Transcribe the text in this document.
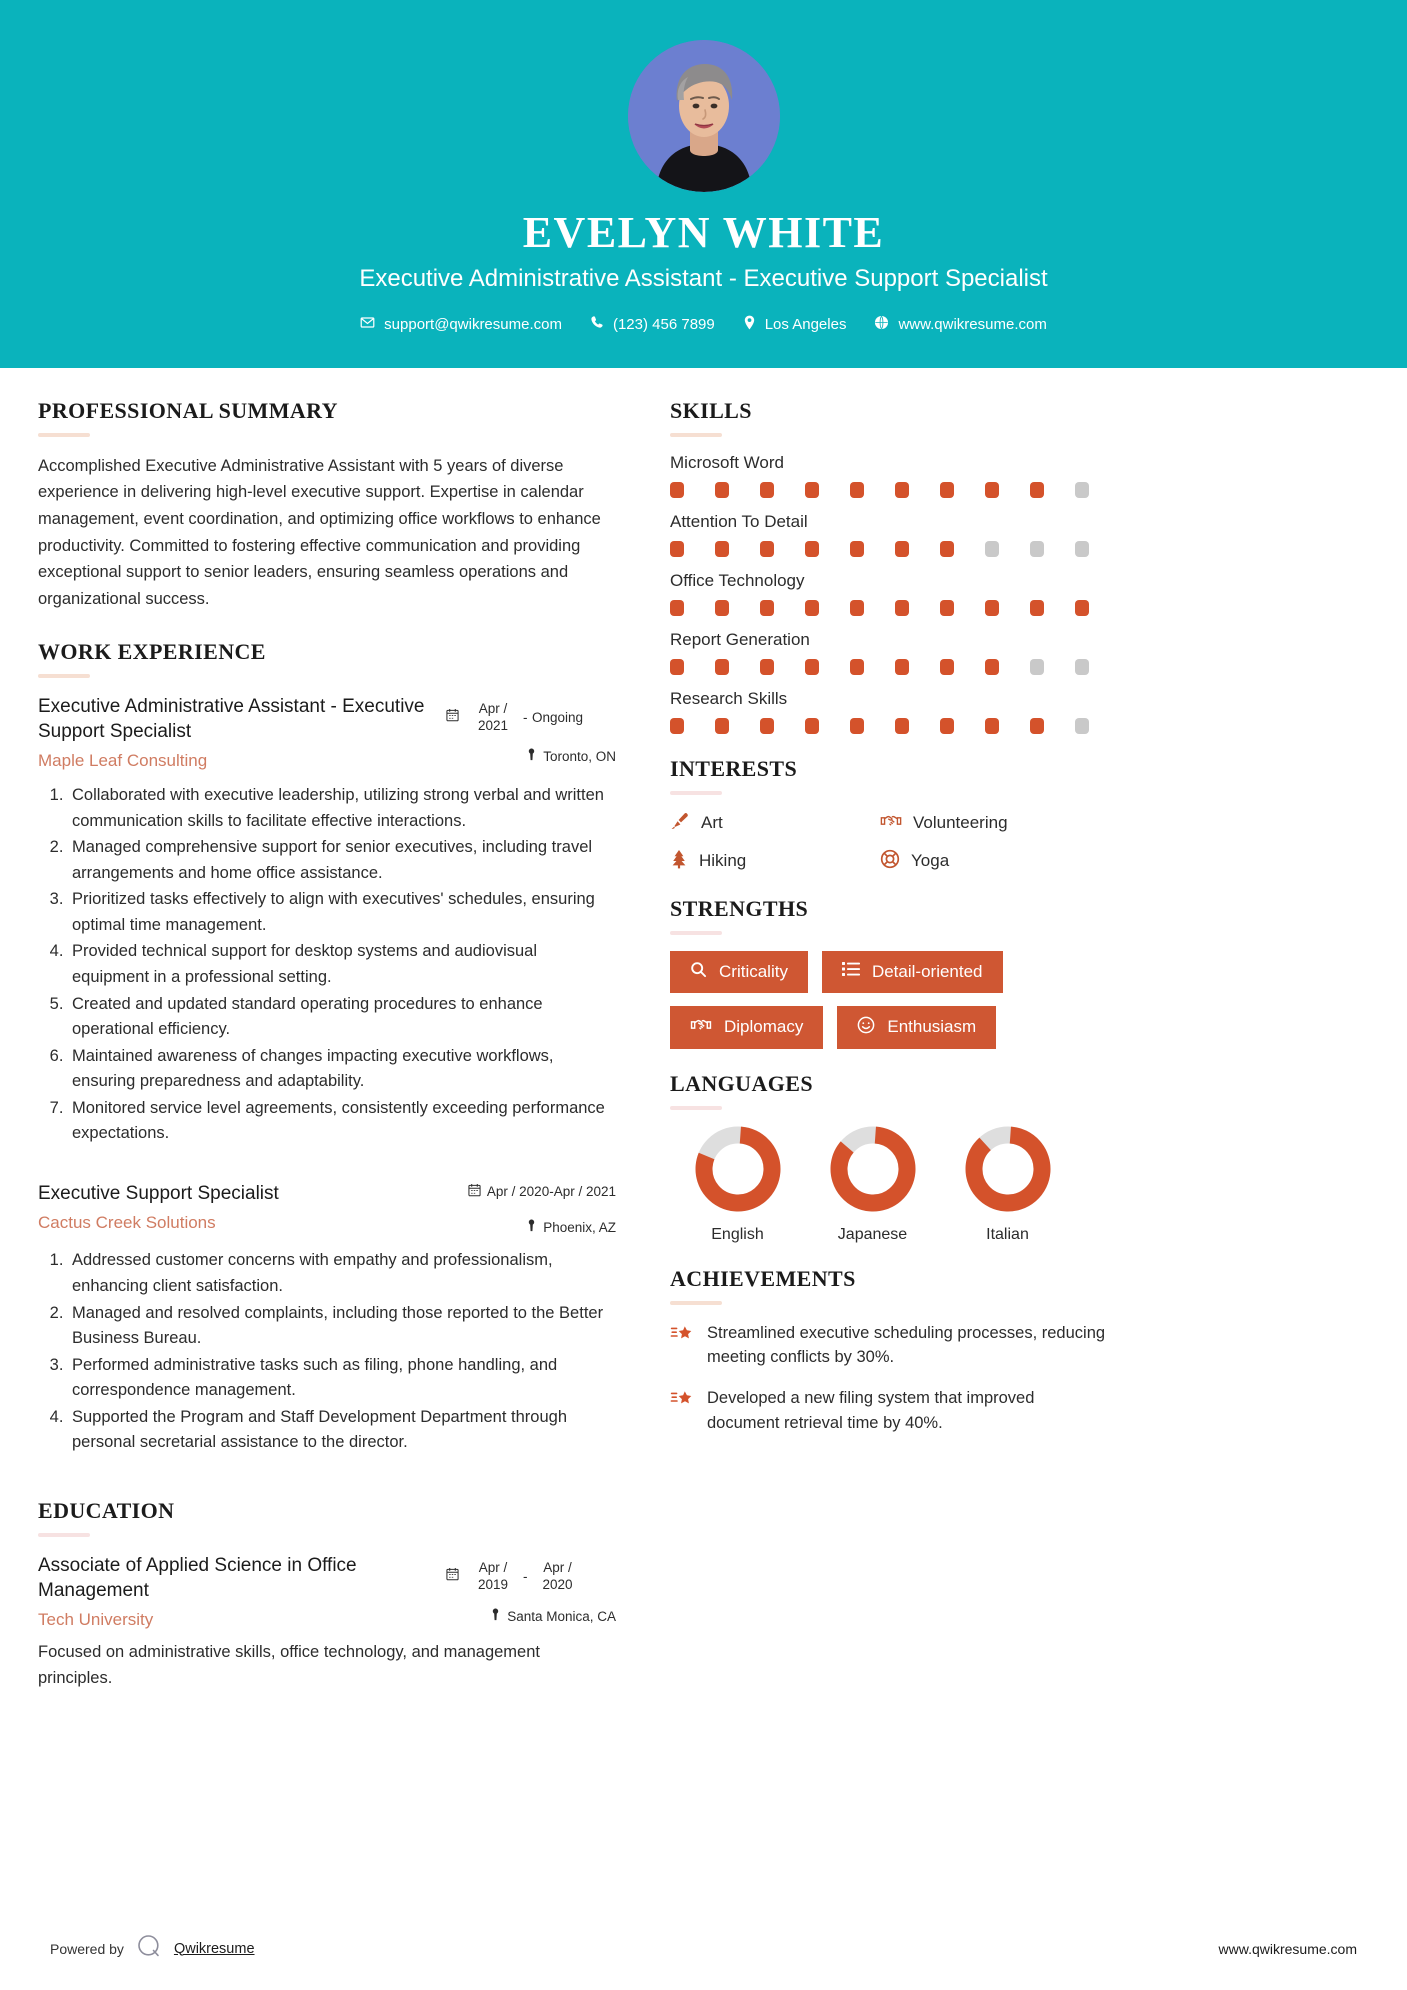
EVELYN WHITE
Executive Administrative Assistant - Executive Support Specialist
support@qwikresume.com	(123) 456 7899	Los Angeles	www.qwikresume.com
PROFESSIONAL SUMMARY
Accomplished Executive Administrative Assistant with 5 years of diverse experience in delivering high-level executive support. Expertise in calendar management, event coordination, and optimizing office workflows to enhance productivity. Committed to fostering effective communication and providing exceptional support to senior leaders, ensuring seamless operations and organizational success.
WORK EXPERIENCE
Executive Administrative Assistant - Executive Support Specialist
Maple Leaf Consulting
Apr / 2021
- Ongoing
Toronto, ON
1. Collaborated with executive leadership, utilizing strong verbal and written communication skills to facilitate effective interactions.
2. Managed comprehensive support for senior executives, including travel arrangements and home office assistance.
3. Prioritized tasks effectively to align with executives' schedules, ensuring optimal time management.
4. Provided technical support for desktop systems and audiovisual equipment in a professional setting.
5. Created and updated standard operating procedures to enhance operational efficiency.
6. Maintained awareness of changes impacting executive workflows, ensuring preparedness and adaptability.
7. Monitored service level agreements, consistently exceeding performance expectations.
Executive Support Specialist
Cactus Creek Solutions
Apr / 2020-Apr / 2021
Phoenix, AZ
1. Addressed customer concerns with empathy and professionalism, enhancing client satisfaction.
2. Managed and resolved complaints, including those reported to the Better Business Bureau.
3. Performed administrative tasks such as filing, phone handling, and correspondence management.
4. Supported the Program and Staff Development Department through personal secretarial assistance to the director.
EDUCATION
Associate of Applied Science in Office Management
Tech University
Apr / 2019
-
Apr / 2020
Santa Monica, CA
Focused on administrative skills, office technology, and management principles.
SKILLS
Microsoft Word
Attention To Detail
Office Technology
Report Generation
Research Skills
INTERESTS
Art	Volunteering
Hiking	Yoga
STRENGTHS
Criticality	Detail-oriented
Diplomacy	Enthusiasm
LANGUAGES
English	Japanese	Italian
ACHIEVEMENTS
Streamlined executive scheduling processes, reducing meeting conflicts by 30%.
Developed a new filing system that improved document retrieval time by 40%.
Powered by	Qwikresume	www.qwikresume.com
